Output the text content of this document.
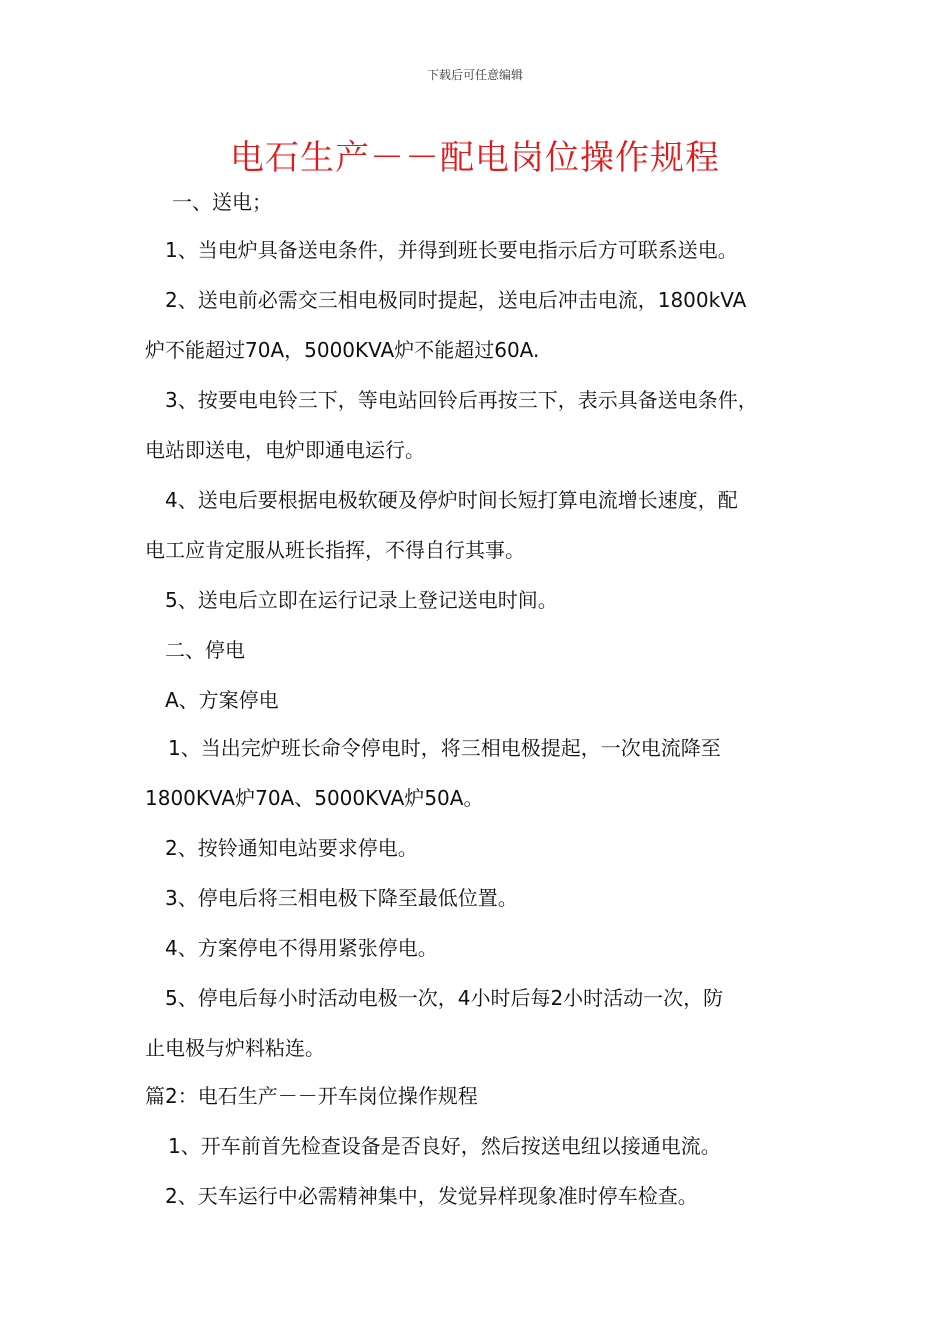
下载后可任意编辑
电石生产－－配电岗位操作规程
一、送电；
1、当电炉具备送电条件，并得到班长要电指示后方可联系送电。
2、送电前必需交三相电极同时提起，送电后冲击电流，1800kVA
炉不能超过70A，5000KVA炉不能超过60A.
3、按要电电铃三下，等电站回铃后再按三下，表示具备送电条件，
电站即送电，电炉即通电运行。
4、送电后要根据电极软硬及停炉时间长短打算电流增长速度，配
电工应肯定服从班长指挥，不得自行其事。
5、送电后立即在运行记录上登记送电时间。
二、停电
A、方案停电
1、当出完炉班长命令停电时，将三相电极提起，一次电流降至
1800KVA炉70A、5000KVA炉50A。
2、按铃通知电站要求停电。
3、停电后将三相电极下降至最低位置。
4、方案停电不得用紧张停电。
5、停电后每小时活动电极一次，4小时后每2小时活动一次，防
止电极与炉料粘连。
篇2：电石生产－－开车岗位操作规程
1、开车前首先检查设备是否良好，然后按送电纽以接通电流。
2、天车运行中必需精神集中，发觉异样现象准时停车检查。
